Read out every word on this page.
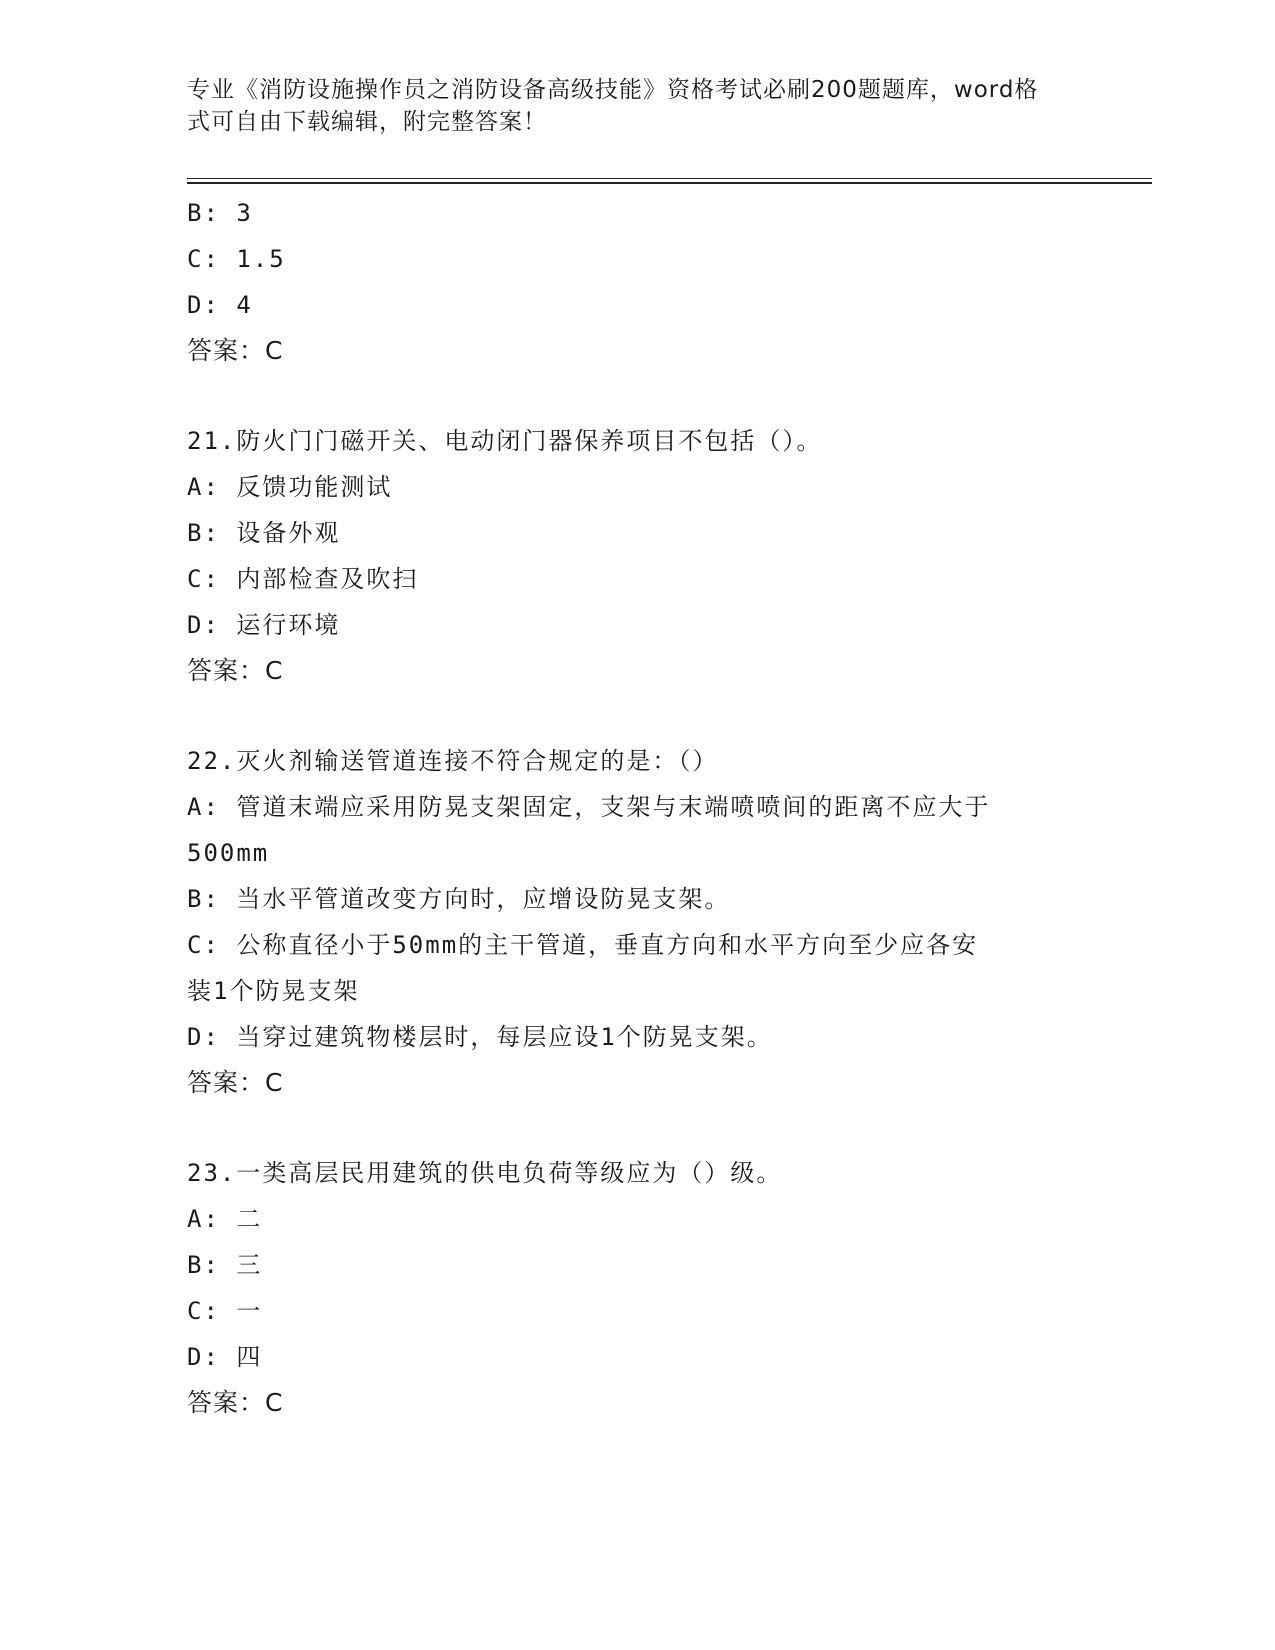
专业《消防设施操作员之消防设备高级技能》资格考试必刷200题题库，word格
式可自由下载编辑，附完整答案！
B: 3
C: 1.5
D: 4
答案：C
21.防火门门磁开关、电动闭门器保养项目不包括（）。
A: 反馈功能测试
B: 设备外观
C: 内部检查及吹扫
D: 运行环境
答案：C
22.灭火剂输送管道连接不符合规定的是：（）
A: 管道末端应采用防晃支架固定，支架与末端喷喷间的距离不应大于
500mm
B: 当水平管道改变方向时，应增设防晃支架。
C: 公称直径小于50mm的主干管道，垂直方向和水平方向至少应各安
装1个防晃支架
D: 当穿过建筑物楼层时，每层应设1个防晃支架。
答案：C
23.一类高层民用建筑的供电负荷等级应为（）级。
A: 二
B: 三
C: 一
D: 四
答案：C
